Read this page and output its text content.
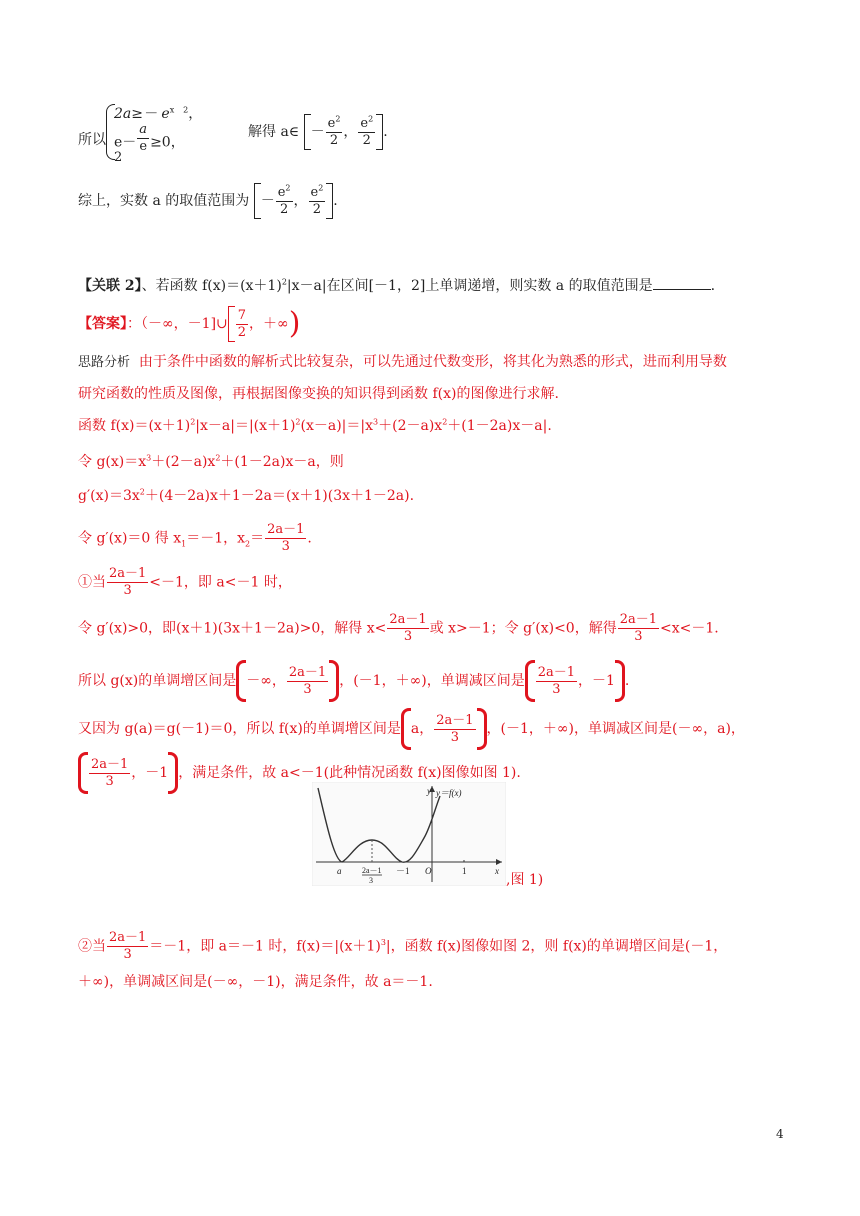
所以
$2a\ge- e^x$ $^2$，
$e- \frac{a}{e} \ge 0$，
2
解得 a∈ － $\frac{e^2}{2}$ ， $\frac{e^2}{2}$ .
综上，实数 a 的取值范围为 － $\frac{e^2}{2}$ ， $\frac{e^2}{2}$ .
【关联 2】、若函数 $f(x)=(x+1)^2|x-a|$在区间[－1，2]上单调递增，则实数 a 的取值范围是	.
【答案】：（－∞，－1]∪ $\frac{7}{2}$ ，＋∞)
思路分析 由于条件中函数的解析式比较复杂，可以先通过代数变形，将其化为熟悉的形式，进而利用导数
研究函数的性质及图像，再根据图像变换的知识得到函数 f(x)的图像进行求解.
函数 $f(x)=(x+1)^2|x-a|=|(x+1)^2(x-a)|=|x^3+(2-a)x^2+(1-2a)x-a|$.
令 $g(x)=x^3+(2-a)x^2+(1-2a)x-a$，则
$g'(x)=3x^2+(4-2a)x+1-2a=(x+1)(3x+1-2a)$.
令 g′(x)＝0 得 $x_1=-1$，$x_2= \frac{2a-1}{3}$ .
①当 $\frac{2a-1}{3} <-1$，即 a<－1 时，
令 g′(x)>0，即(x＋1)(3x＋1－2a)>0，解得 $x< \frac{2a-1}{3}$ 或 x>－1；令 g′(x)<0，解得 $\frac{2a-1}{3} <x<-1$.
所以 g(x)的单调增区间是 －∞， $\frac{2a-1}{3}$ ，(－1，＋∞)，单调减区间是 $\frac{2a-1}{3}$ ，－1 .
又因为 g(a)＝g(－1)＝0，所以 f(x)的单调增区间是 a， $\frac{2a-1}{3}$ ，(－1，＋∞)，单调减区间是(－∞，a)，
$\frac{2a-1}{3}$ ，－1 ，满足条件，故 a<－1(此种情况函数 f(x)图像如图 1).
y y＝f(x)
x
a	2a－1
3
－1 O	1
,图 1)
②当 $\frac{2a-1}{3} =-1$，即 a＝－1 时，$f(x)=|(x+1)^3|$，函数 f(x)图像如图 2，则 f(x)的单调增区间是(－1，
＋∞)，单调减区间是(－∞，－1)，满足条件，故 a＝－1.
4
